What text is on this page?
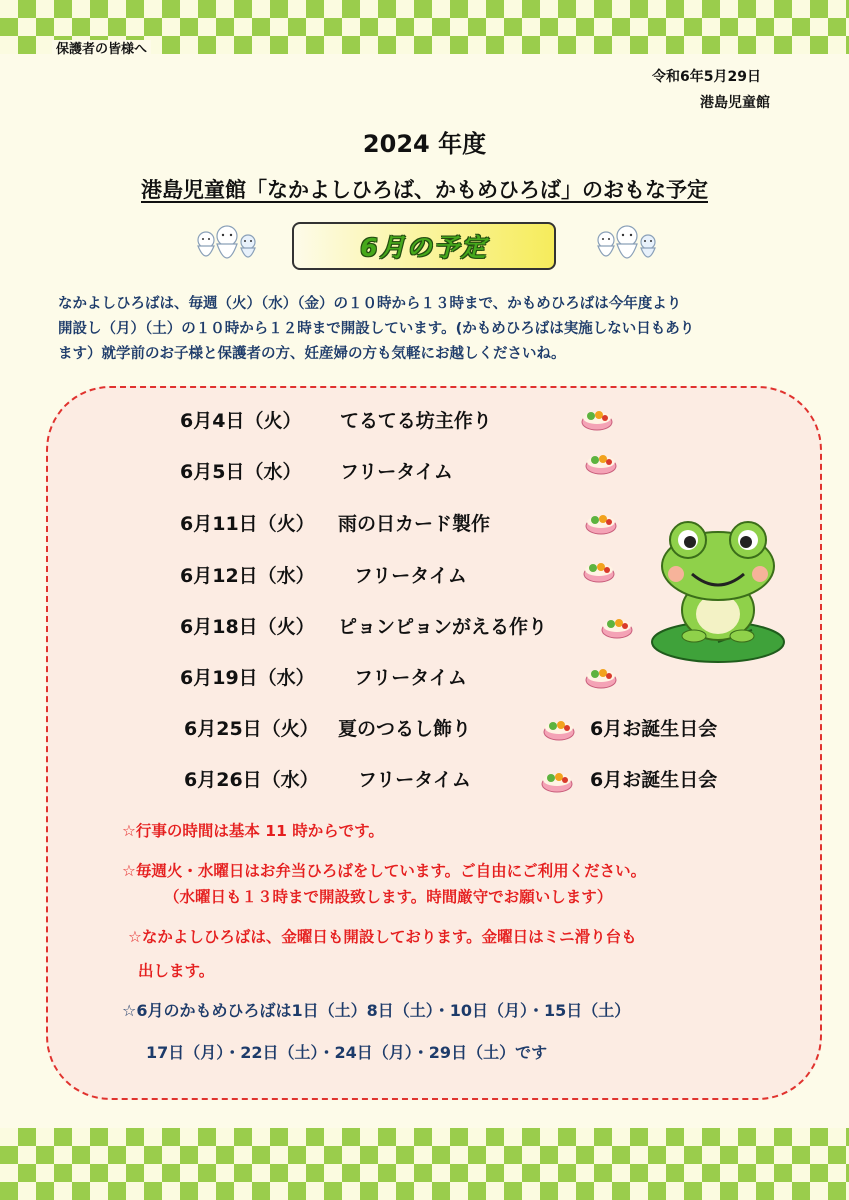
保護者の皆様へ
令和6年5月29日
港島児童館
2024 年度
港島児童館「なかよしひろば、かもめひろば」のおもな予定
6月の予定

なかよしひろばは、毎週（火）（水）（金）の１０時から１３時まで、かもめひろばは今年度より

開設し（月）（土）の１０時から１２時まで開設しています。(かもめひろばは実施しない日もあり

ます）就学前のお子様と保護者の方、妊産婦の方も気軽にお越しくださいね。

6月4日（火） てるてる坊主作り
6月5日（水） フリータイム
6月11日（火） 雨の日カード製作
6月12日（水） フリータイム
6月18日（火） ピョンピョンがえる作り
6月19日（水） フリータイム
6月25日（火） 夏のつるし飾り
6月26日（水） フリータイム
6月お誕生日会
6月お誕生日会
☆行事の時間は基本 11 時からです。
☆毎週火・水曜日はお弁当ひろばをしています。ご自由にご利用ください。
（水曜日も１３時まで開設致します。時間厳守でお願いします）
☆なかよしひろばは、金曜日も開設しております。金曜日はミニ滑り台も
出します。
☆6月のかもめひろばは1日（土）8日（土）・10日（月）・15日（土）
17日（月）・22日（土）・24日（月）・29日（土）です
